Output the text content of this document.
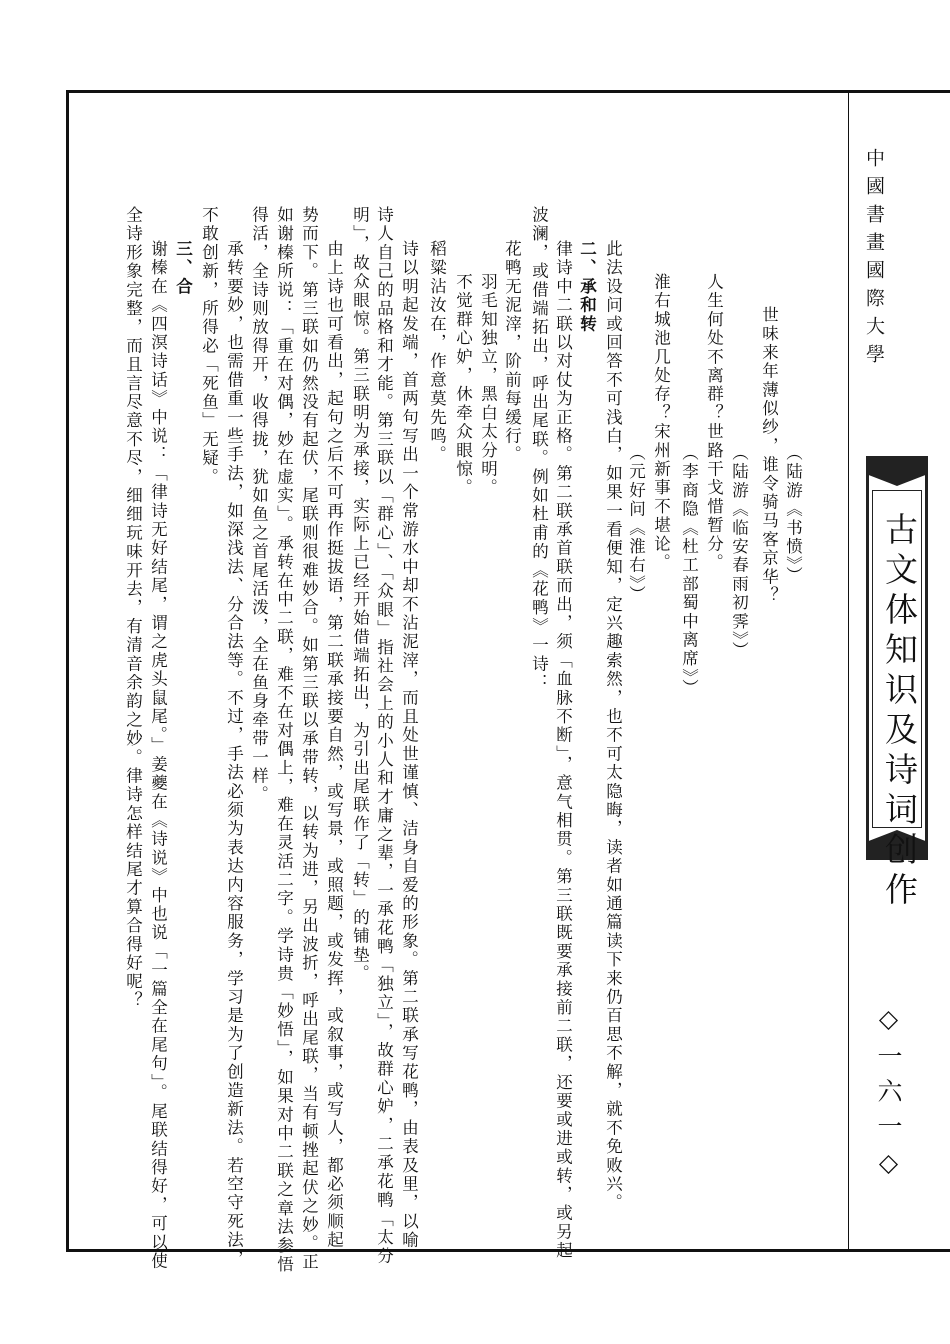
中國書畫國際大學
古文体知识及诗词创作
◇一六一◇
（陆游《书愤》）
世味来年薄似纱，谁令骑马客京华？
（陆游《临安春雨初霁》）
人生何处不离群？世路干戈惜暂分。
（李商隐《杜工部蜀中离席》）
淮右城池几处存？宋州新事不堪论。
（元好问《淮右》）
此法设问或回答不可浅白，如果一看便知，定兴趣索然，也不可太隐晦，读者如通篇读下来仍百思不解，就不免败兴。
二、承和转
律诗中二联以对仗为正格。第二联承首联而出，须「血脉不断」，意气相贯。第三联既要承接前二联，还要或进或转，或另起
波澜，或借端拓出，呼出尾联。例如杜甫的《花鸭》一诗：
花鸭无泥滓，阶前每缓行。
羽毛知独立，黑白太分明。
不觉群心妒，休牵众眼惊。
稻粱沾汝在，作意莫先鸣。
诗以明起发端，首两句写出一个常游水中却不沾泥滓，而且处世谨慎、洁身自爱的形象。第二联承写花鸭，由表及里，以喻
诗人自己的品格和才能。第三联以「群心」、「众眼」指社会上的小人和才庸之辈，一承花鸭「独立」，故群心妒，二承花鸭「太分
明」，故众眼惊。第三联明为承接，实际上已经开始借端拓出，为引出尾联作了「转」的铺垫。
由上诗也可看出，起句之后不可再作挺拔语，第二联承接要自然，或写景，或照题，或发挥，或叙事，或写人，都必须顺起
势而下。第三联如仍然没有起伏，尾联则很难妙合。如第三联以承带转，以转为进，另出波折，呼出尾联，当有顿挫起伏之妙。正
如谢榛所说：「重在对偶，妙在虚实」。承转在中二联，难不在对偶上，难在灵活二字。学诗贵「妙悟」，如果对中二联之章法参悟
得活，全诗则放得开，收得拢，犹如鱼之首尾活泼，全在鱼身牵带一样。
承转要妙，也需借重一些手法，如深浅法、分合法等。不过，手法必须为表达内容服务，学习是为了创造新法。若空守死法，
不敢创新，所得必「死鱼」无疑。
三、合
谢榛在《四溟诗话》中说：「律诗无好结尾，谓之虎头鼠尾。」姜夔在《诗说》中也说「一篇全在尾句」。尾联结得好，可以使
全诗形象完整，而且言尽意不尽，细细玩味开去，有清音余韵之妙。律诗怎样结尾才算合得好呢？
